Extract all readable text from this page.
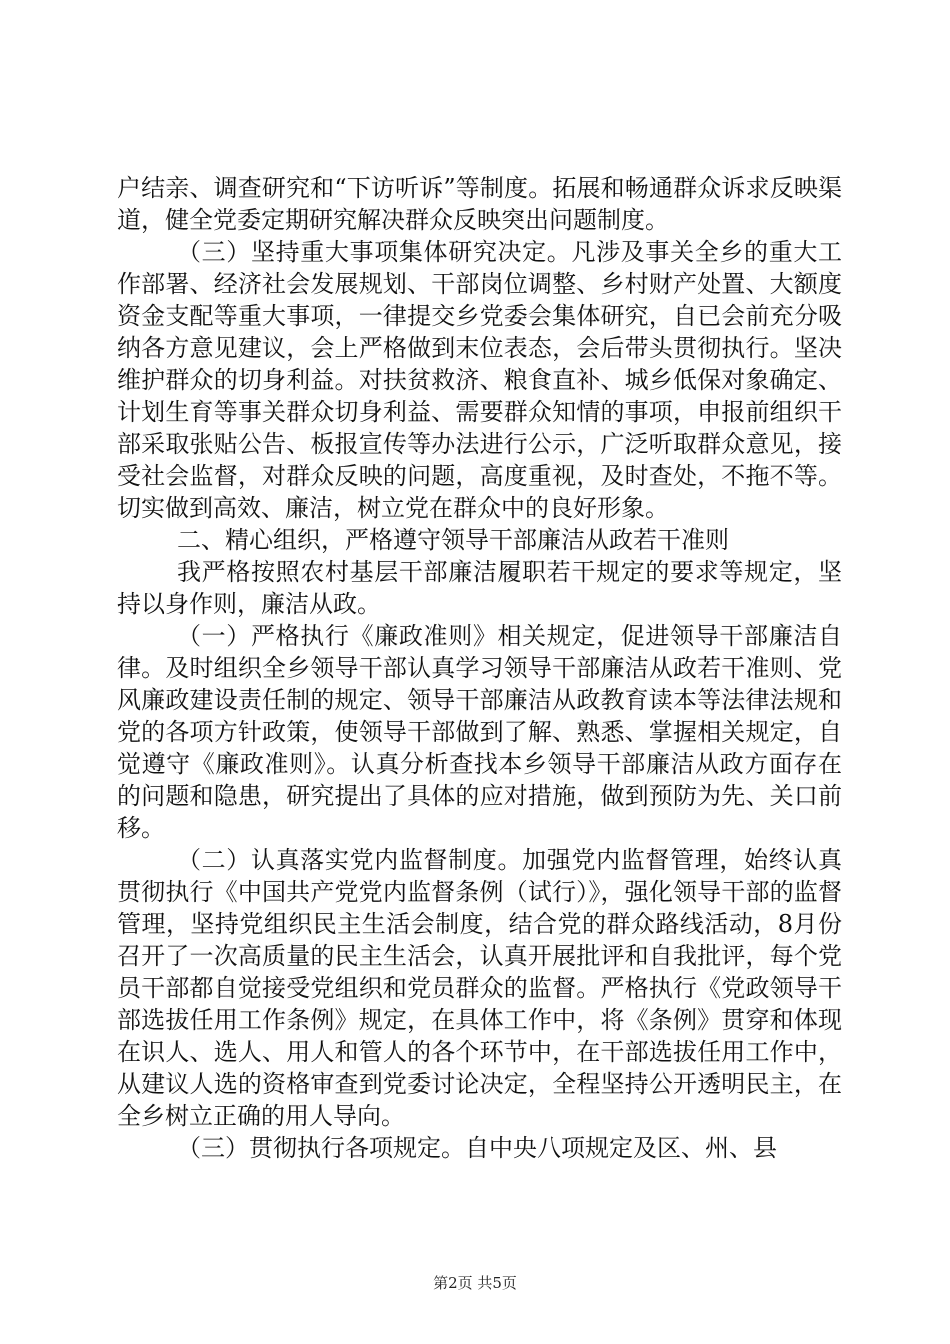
户结亲、调查研究和“下访听诉”等制度。拓展和畅通群众诉求反映渠道，健全党委定期研究解决群众反映突出问题制度。

（三）坚持重大事项集体研究决定。凡涉及事关全乡的重大工作部署、经济社会发展规划、干部岗位调整、乡村财产处置、大额度资金支配等重大事项，一律提交乡党委会集体研究，自已会前充分吸纳各方意见建议，会上严格做到末位表态，会后带头贯彻执行。坚决维护群众的切身利益。对扶贫救济、粮食直补、城乡低保对象确定、计划生育等事关群众切身利益、需要群众知情的事项，申报前组织干部采取张贴公告、板报宣传等办法进行公示，广泛听取群众意见，接受社会监督，对群众反映的问题，高度重视，及时查处，不拖不等。切实做到高效、廉洁，树立党在群众中的良好形象。

二、精心组织，严格遵守领导干部廉洁从政若干准则

我严格按照农村基层干部廉洁履职若干规定的要求等规定，坚持以身作则，廉洁从政。

（一）严格执行《廉政准则》相关规定，促进领导干部廉洁自律。及时组织全乡领导干部认真学习领导干部廉洁从政若干准则、党风廉政建设责任制的规定、领导干部廉洁从政教育读本等法律法规和党的各项方针政策，使领导干部做到了解、熟悉、掌握相关规定，自觉遵守《廉政准则》。认真分析查找本乡领导干部廉洁从政方面存在的问题和隐患，研究提出了具体的应对措施，做到预防为先、关口前移。

（二）认真落实党内监督制度。加强党内监督管理，始终认真贯彻执行《中国共产党党内监督条例（试行）》，强化领导干部的监督管理，坚持党组织民主生活会制度，结合党的群众路线活动，8月份召开了一次高质量的民主生活会，认真开展批评和自我批评，每个党员干部都自觉接受党组织和党员群众的监督。严格执行《党政领导干部选拔任用工作条例》规定，在具体工作中，将《条例》贯穿和体现在识人、选人、用人和管人的各个环节中，在干部选拔任用工作中，从建议人选的资格审查到党委讨论决定，全程坚持公开透明民主，在全乡树立正确的用人导向。

（三）贯彻执行各项规定。自中央八项规定及区、州、县

第2页 共5页
